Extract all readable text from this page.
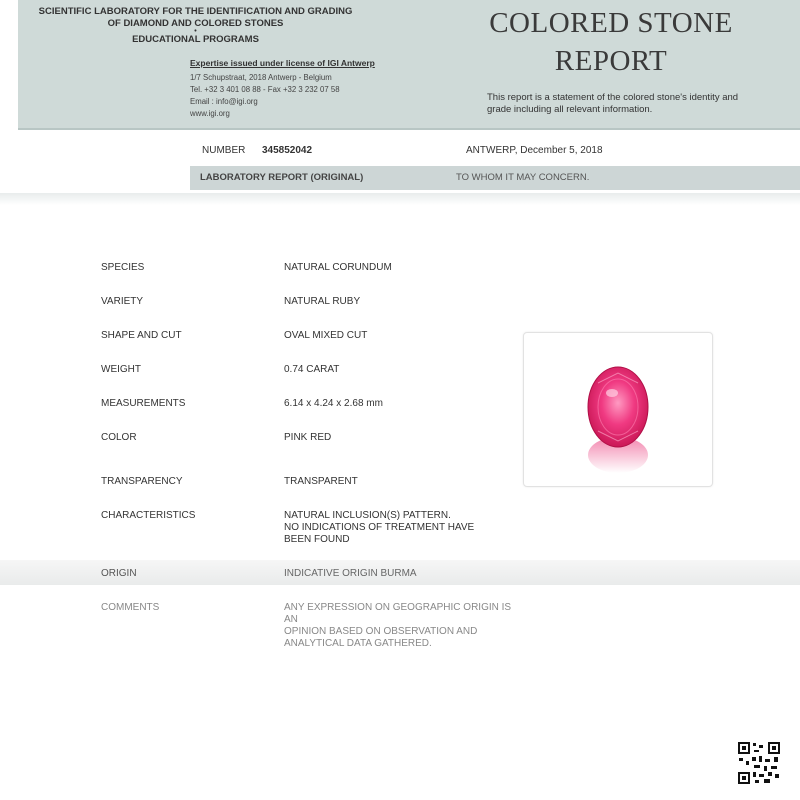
SCIENTIFIC LABORATORY FOR THE IDENTIFICATION AND GRADING
OF DIAMOND AND COLORED STONES
•
EDUCATIONAL PROGRAMS
Expertise issued under license of IGI Antwerp
1/7 Schupstraat, 2018 Antwerp - Belgium
Tel. +32 3 401 08 88 - Fax +32 3 232 07 58
Email : info@igi.org
www.igi.org
COLORED STONE
REPORT
This report is a statement of the colored stone's identity and grade including all relevant information.
NUMBER 345852042	ANTWERP, December 5, 2018
LABORATORY REPORT (ORIGINAL)	TO WHOM IT MAY CONCERN.
SPECIES	NATURAL CORUNDUM
VARIETY	NATURAL RUBY
SHAPE AND CUT	OVAL MIXED CUT
WEIGHT	0.74 CARAT
MEASUREMENTS	6.14 x 4.24 x 2.68 mm
COLOR	PINK RED
TRANSPARENCY	TRANSPARENT
CHARACTERISTICS	NATURAL INCLUSION(S) PATTERN.
NO INDICATIONS OF TREATMENT HAVE
BEEN FOUND
ORIGIN	INDICATIVE ORIGIN BURMA
COMMENTS	ANY EXPRESSION ON GEOGRAPHIC ORIGIN IS AN
OPINION BASED ON OBSERVATION AND
ANALYTICAL DATA GATHERED.
